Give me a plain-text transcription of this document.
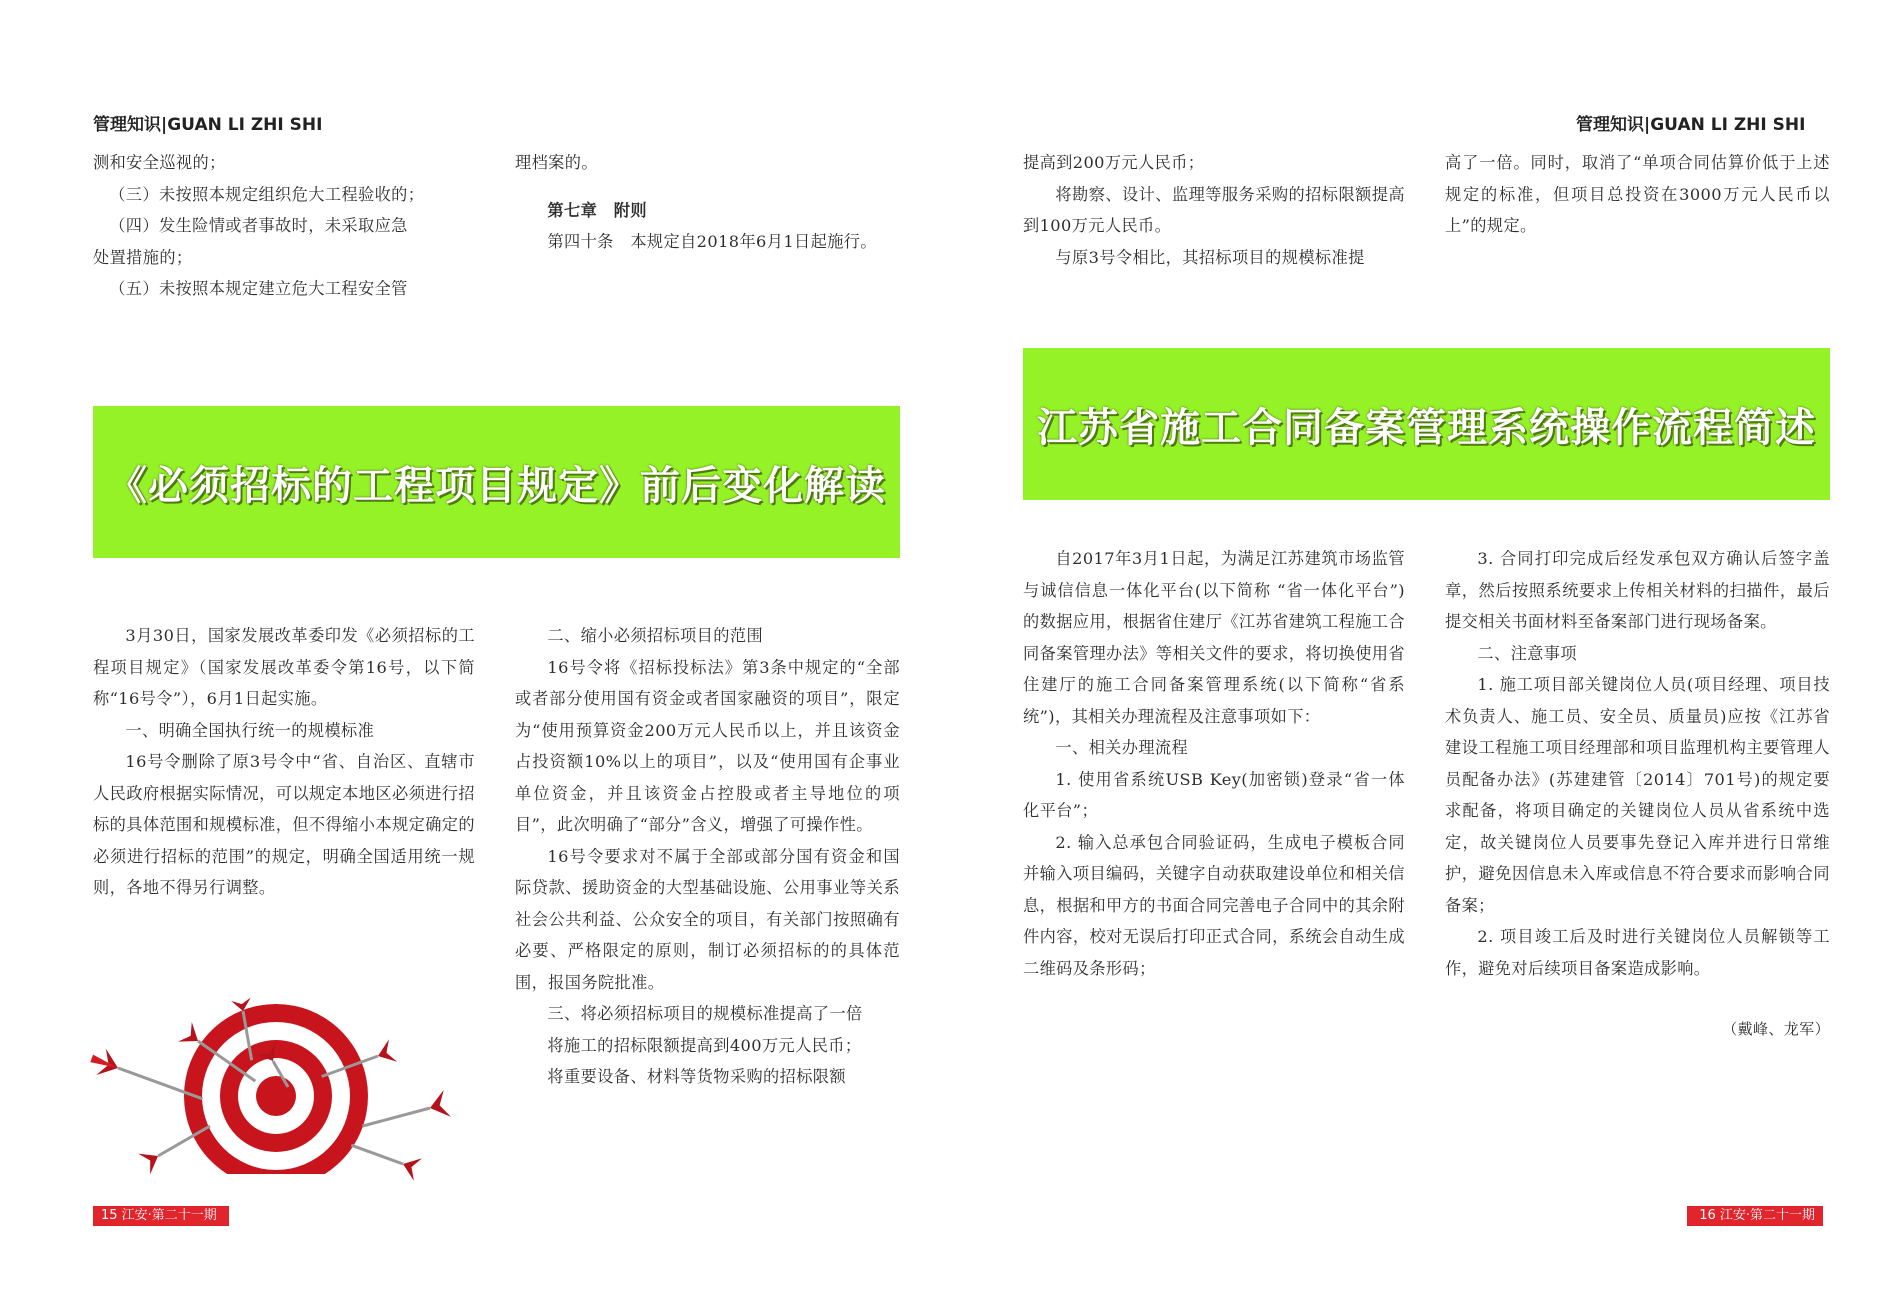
管理知识|GUAN LI ZHI SHI

测和安全巡视的；

（三）未按照本规定组织危大工程验收的；

（四）发生险情或者事故时，未采取应急

处置措施的；

（五）未按照本规定建立危大工程安全管

理档案的。

第七章　附则

第四十条　本规定自2018年6月1日起施行。

《必须招标的工程项目规定》前后变化解读

3月30日，国家发展改革委印发《必须招标的工程项目规定》（国家发展改革委令第16号，以下简称“16号令”），6月1日起实施。

一、明确全国执行统一的规模标准

16号令删除了原3号令中“省、自治区、直辖市人民政府根据实际情况，可以规定本地区必须进行招标的具体范围和规模标准，但不得缩小本规定确定的必须进行招标的范围”的规定，明确全国适用统一规则，各地不得另行调整。

二、缩小必须招标项目的范围

16号令将《招标投标法》第3条中规定的“全部或者部分使用国有资金或者国家融资的项目”，限定为“使用预算资金200万元人民币以上，并且该资金占投资额10%以上的项目”，以及“使用国有企事业单位资金，并且该资金占控股或者主导地位的项目”，此次明确了“部分”含义，增强了可操作性。

16号令要求对不属于全部或部分国有资金和国际贷款、援助资金的大型基础设施、公用事业等关系社会公共利益、公众安全的项目，有关部门按照确有必要、严格限定的原则，制订必须招标的的具体范围，报国务院批准。

三、将必须招标项目的规模标准提高了一倍

将施工的招标限额提高到400万元人民币；

将重要设备、材料等货物采购的招标限额

15 江安·第二十一期
管理知识|GUAN LI ZHI SHI

提高到200万元人民币；

将勘察、设计、监理等服务采购的招标限额提高到100万元人民币。

与原3号令相比，其招标项目的规模标准提

高了一倍。同时，取消了“单项合同估算价低于上述规定的标准，但项目总投资在3000万元人民币以上”的规定。

江苏省施工合同备案管理系统操作流程简述

自2017年3月1日起，为满足江苏建筑市场监管与诚信信息一体化平台(以下简称 “省一体化平台”)的数据应用，根据省住建厅《江苏省建筑工程施工合同备案管理办法》等相关文件的要求，将切换使用省住建厅的施工合同备案管理系统(以下简称“省系统”)，其相关办理流程及注意事项如下：

一、相关办理流程

1. 使用省系统USB Key(加密锁)登录“省一体化平台”；

2. 输入总承包合同验证码，生成电子模板合同并输入项目编码，关键字自动获取建设单位和相关信息，根据和甲方的书面合同完善电子合同中的其余附件内容，校对无误后打印正式合同，系统会自动生成二维码及条形码；

3. 合同打印完成后经发承包双方确认后签字盖章，然后按照系统要求上传相关材料的扫描件，最后提交相关书面材料至备案部门进行现场备案。

二、注意事项

1. 施工项目部关键岗位人员(项目经理、项目技术负责人、施工员、安全员、质量员)应按《江苏省建设工程施工项目经理部和项目监理机构主要管理人员配备办法》(苏建建管〔2014〕701号)的规定要求配备，将项目确定的关键岗位人员从省系统中选定，故关键岗位人员要事先登记入库并进行日常维护，避免因信息未入库或信息不符合要求而影响合同备案；

2. 项目竣工后及时进行关键岗位人员解锁等工作，避免对后续项目备案造成影响。

（戴峰、龙军）

16 江安·第二十一期
